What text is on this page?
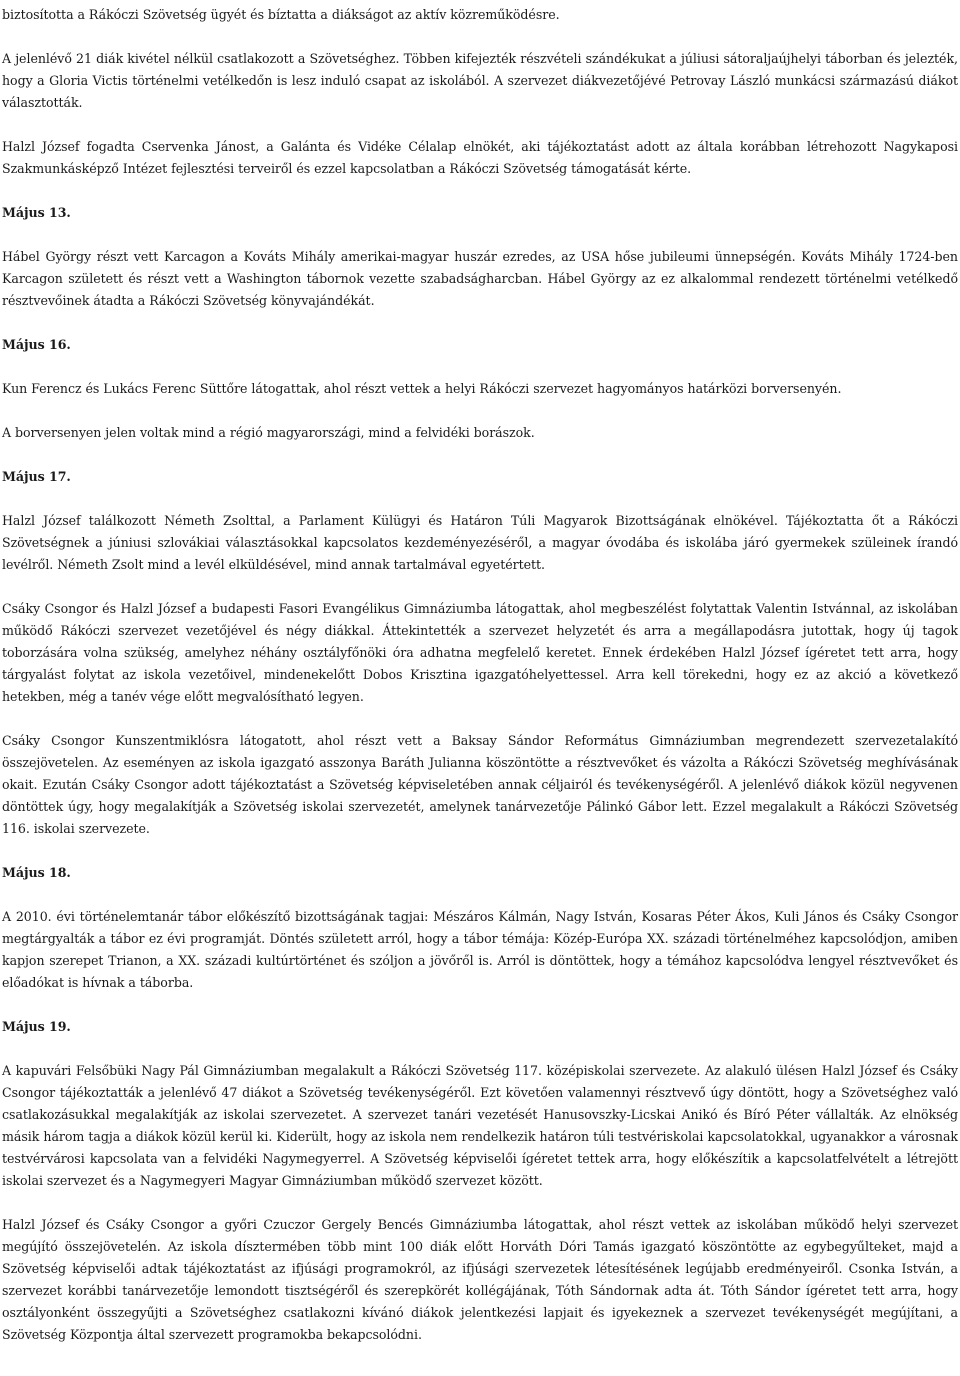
biztosította a Rákóczi Szövetség ügyét és bíztatta a diákságot az aktív közreműködésre.

A jelenlévő 21 diák kivétel nélkül csatlakozott a Szövetséghez. Többen kifejezték részvételi szándékukat a júliusi sátoraljaújhelyi táborban és jelezték, hogy a Gloria Victis történelmi vetélkedőn is lesz induló csapat az iskolából. A szervezet diákvezetőjévé Petrovay László munkácsi származású diákot választották.

Halzl József fogadta Cservenka Jánost, a Galánta és Vidéke Célalap elnökét, aki tájékoztatást adott az általa korábban létrehozott Nagykaposi Szakmunkásképző Intézet fejlesztési terveiről és ezzel kapcsolatban a Rákóczi Szövetség támogatását kérte.

Május 13.

Hábel György részt vett Karcagon a Kováts Mihály amerikai-magyar huszár ezredes, az USA hőse jubileumi ünnepségén. Kováts Mihály 1724-ben Karcagon született és részt vett a Washington tábornok vezette szabadságharcban. Hábel György az ez alkalommal rendezett történelmi vetélkedő résztvevőinek átadta a Rákóczi Szövetség könyvajándékát.

Május 16.

Kun Ferencz és Lukács Ferenc Süttőre látogattak, ahol részt vettek a helyi Rákóczi szervezet hagyományos határközi borversenyén.

A borversenyen jelen voltak mind a régió magyarországi, mind a felvidéki borászok.

Május 17.

Halzl József találkozott Németh Zsolttal, a Parlament Külügyi és Határon Túli Magyarok Bizottságának elnökével. Tájékoztatta őt a Rákóczi Szövetségnek a júniusi szlovákiai választásokkal kapcsolatos kezdeményezéséről, a magyar óvodába és iskolába járó gyermekek szüleinek írandó levélről. Németh Zsolt mind a levél elküldésével, mind annak tartalmával egyetértett.

Csáky Csongor és Halzl József a budapesti Fasori Evangélikus Gimnáziumba látogattak, ahol megbeszélést folytattak Valentin Istvánnal, az iskolában működő Rákóczi szervezet vezetőjével és négy diákkal. Áttekintették a szervezet helyzetét és arra a megállapodásra jutottak, hogy új tagok toborzására volna szükség, amelyhez néhány osztályfőnöki óra adhatna megfelelő keretet. Ennek érdekében Halzl József ígéretet tett arra, hogy tárgyalást folytat az iskola vezetőivel, mindenekelőtt Dobos Krisztina igazgatóhelyettessel. Arra kell törekedni, hogy ez az akció a következő hetekben, még a tanév vége előtt megvalósítható legyen.

Csáky Csongor Kunszentmiklósra látogatott, ahol részt vett a Baksay Sándor Református Gimnáziumban megrendezett szervezetalakító összejövetelen. Az eseményen az iskola igazgató asszonya Baráth Julianna köszöntötte a résztvevőket és vázolta a Rákóczi Szövetség meghívásának okait. Ezután Csáky Csongor adott tájékoztatást a Szövetség képviseletében annak céljairól és tevékenységéről. A jelenlévő diákok közül negyvenen döntöttek úgy, hogy megalakítják a Szövetség iskolai szervezetét, amelynek tanárvezetője Pálinkó Gábor lett. Ezzel megalakult a Rákóczi Szövetség 116. iskolai szervezete.

Május 18.

A 2010. évi történelemtanár tábor előkészítő bizottságának tagjai: Mészáros Kálmán, Nagy István, Kosaras Péter Ákos, Kuli János és Csáky Csongor megtárgyalták a tábor ez évi programját. Döntés született arról, hogy a tábor témája: Közép-Európa XX. századi történelméhez kapcsolódjon, amiben kapjon szerepet Trianon, a XX. századi kultúrtörténet és szóljon a jövőről is. Arról is döntöttek, hogy a témához kapcsolódva lengyel résztvevőket és előadókat is hívnak a táborba.

Május 19.

A kapuvári Felsőbüki Nagy Pál Gimnáziumban megalakult a Rákóczi Szövetség 117. középiskolai szervezete. Az alakuló ülésen Halzl József és Csáky Csongor tájékoztatták a jelenlévő 47 diákot a Szövetség tevékenységéről. Ezt követően valamennyi résztvevő úgy döntött, hogy a Szövetséghez való csatlakozásukkal megalakítják az iskolai szervezetet. A szervezet tanári vezetését Hanusovszky-Licskai Anikó és Bíró Péter vállalták. Az elnökség másik három tagja a diákok közül kerül ki. Kiderült, hogy az iskola nem rendelkezik határon túli testvériskolai kapcsolatokkal, ugyanakkor a városnak testvérvárosi kapcsolata van a felvidéki Nagymegyerrel. A Szövetség képviselői ígéretet tettek arra, hogy előkészítik a kapcsolatfelvételt a létrejött iskolai szervezet és a Nagymegyeri Magyar Gimnáziumban működő szervezet között.

Halzl József és Csáky Csongor a győri Czuczor Gergely Bencés Gimnáziumba látogattak, ahol részt vettek az iskolában működő helyi szervezet megújító összejövetelén. Az iskola dísztermében több mint 100 diák előtt Horváth Dóri Tamás igazgató köszöntötte az egybegyűlteket, majd a Szövetség képviselői adtak tájékoztatást az ifjúsági programokról, az ifjúsági szervezetek létesítésének legújabb eredményeiről. Csonka István, a szervezet korábbi tanárvezetője lemondott tisztségéről és szerepkörét kollégájának, Tóth Sándornak adta át. Tóth Sándor ígéretet tett arra, hogy osztályonként összegyűjti a Szövetséghez csatlakozni kívánó diákok jelentkezési lapjait és igyekeznek a szervezet tevékenységét megújítani, a Szövetség Központja által szervezett programokba bekapcsolódni.
